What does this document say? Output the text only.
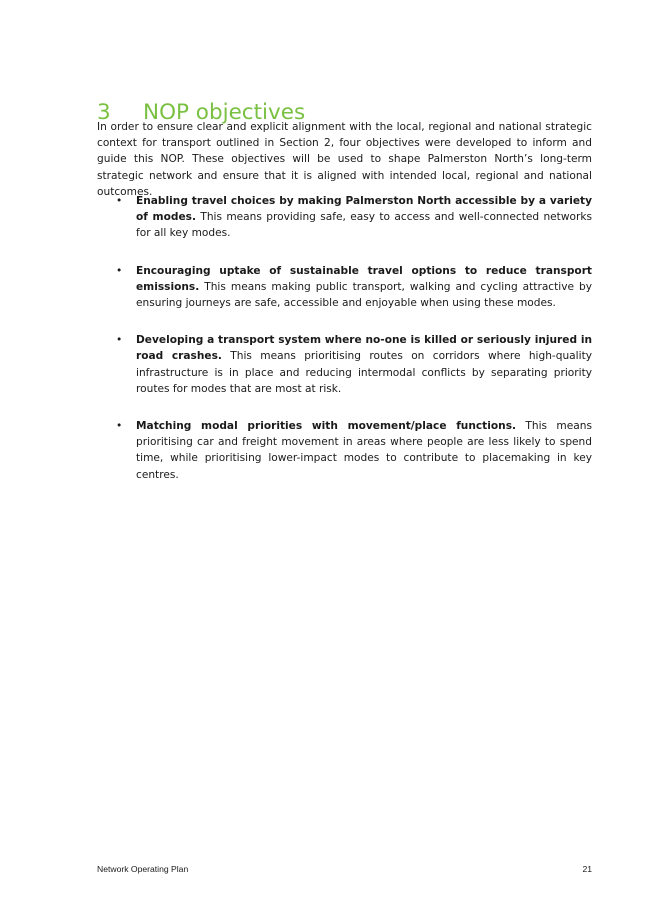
3 NOP objectives

In order to ensure clear and explicit alignment with the local, regional and national strategic context for transport outlined in Section 2, four objectives were developed to inform and guide this NOP. These objectives will be used to shape Palmerston North’s long-term strategic network and ensure that it is aligned with intended local, regional and national outcomes.

• Enabling travel choices by making Palmerston North accessible by a variety of modes. This means providing safe, easy to access and well-connected networks for all key modes.
• Encouraging uptake of sustainable travel options to reduce transport emissions. This means making public transport, walking and cycling attractive by ensuring journeys are safe, accessible and enjoyable when using these modes.
• Developing a transport system where no-one is killed or seriously injured in road crashes. This means prioritising routes on corridors where high-quality infrastructure is in place and reducing intermodal conflicts by separating priority routes for modes that are most at risk.
• Matching modal priorities with movement/place functions. This means prioritising car and freight movement in areas where people are less likely to spend time, while prioritising lower-impact modes to contribute to placemaking in key centres.
Network Operating Plan	21
